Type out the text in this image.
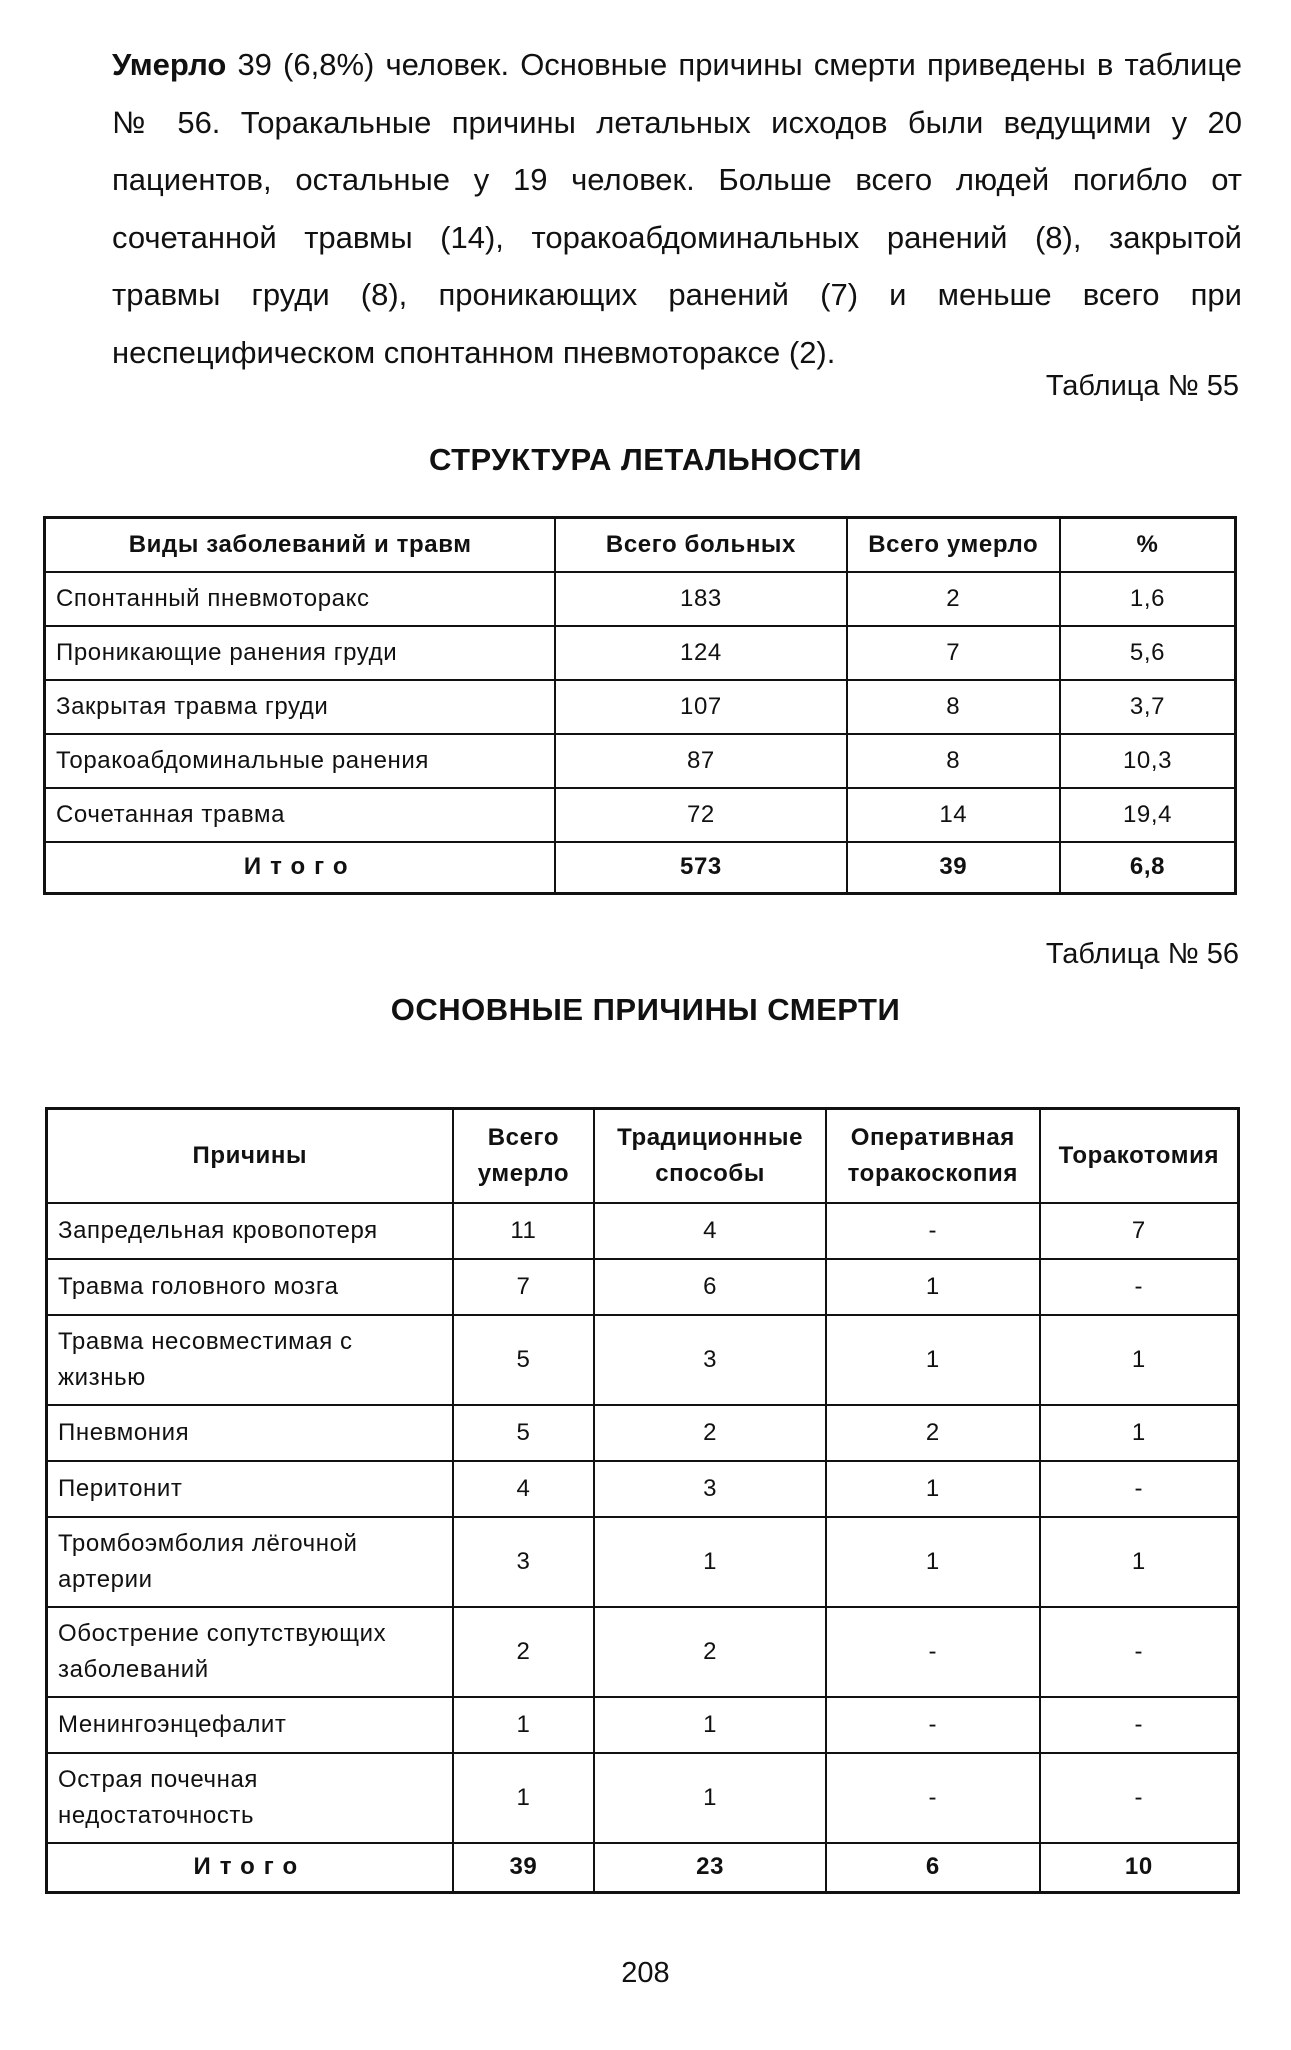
Умерло 39 (6,8%) человек. Основные причины смерти приведены в таблице № 56. Торакальные причины летальных исходов были ведущими у 20 пациентов, остальные у 19 человек. Больше всего людей погибло от сочетанной травмы (14), торакоабдоминальных ранений (8), закрытой травмы груди (8), проникающих ранений (7) и меньше всего при неспецифическом спонтанном пневмотораксе (2).
Таблица № 55
СТРУКТУРА ЛЕТАЛЬНОСТИ
Виды заболеваний и травм	Всего больных	Всего умерло	%
Спонтанный пневмоторакс	183	2	1,6
Проникающие ранения груди	124	7	5,6
Закрытая травма груди	107	8	3,7
Торакоабдоминальные ранения	87	8	10,3
Сочетанная травма	72	14	19,4
Итого	573	39	6,8
Таблица № 56
ОСНОВНЫЕ ПРИЧИНЫ СМЕРТИ
Причины	Всего умерло	Традиционные способы	Оперативная торакоскопия	Торакотомия
Запредельная кровопотеря	11	4	-	7
Травма головного мозга	7	6	1	-
Травма несовместимая с жизнью	5	3	1	1
Пневмония	5	2	2	1
Перитонит	4	3	1	-
Тромбоэмболия лёгочной артерии	3	1	1	1
Обострение сопутствующих заболеваний	2	2	-	-
Менингоэнцефалит	1	1	-	-
Острая почечная недостаточность	1	1	-	-
Итого	39	23	6	10
208
